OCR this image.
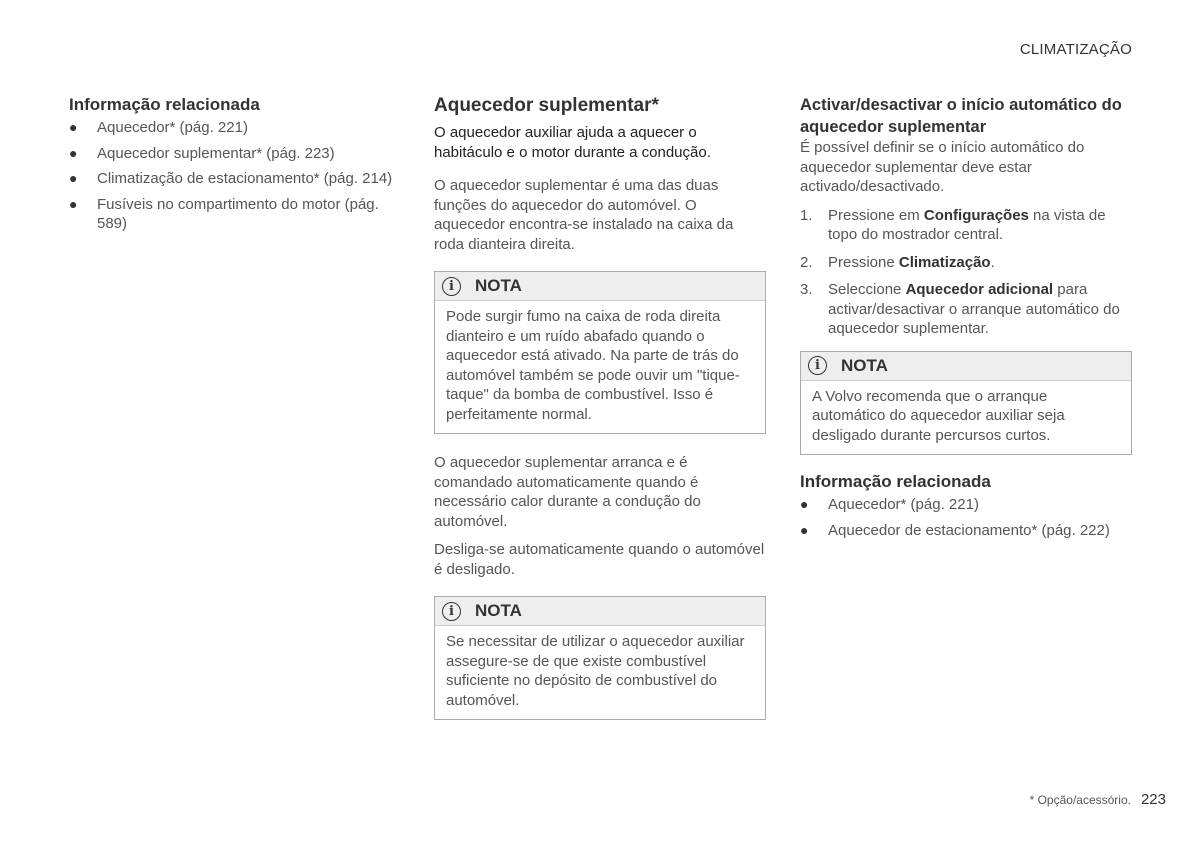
CLIMATIZAÇÃO
Informação relacionada
● Aquecedor* (pág. 221)
● Aquecedor suplementar* (pág. 223)
● Climatização de estacionamento* (pág. 214)
● Fusíveis no compartimento do motor (pág. 589)
Aquecedor suplementar*

O aquecedor auxiliar ajuda a aquecer o habitáculo e o motor durante a condução.

O aquecedor suplementar é uma das duas funções do aquecedor do automóvel. O aquecedor encontra-se instalado na caixa da roda dianteira direita.

i	NOTA
Pode surgir fumo na caixa de roda direita dianteiro e um ruído abafado quando o aquecedor está ativado. Na parte de trás do automóvel também se pode ouvir um "tique-taque" da bomba de combustível. Isso é perfeitamente normal.

O aquecedor suplementar arranca e é comandado automaticamente quando é necessário calor durante a condução do automóvel.

Desliga-se automaticamente quando o automóvel é desligado.

i	NOTA
Se necessitar de utilizar o aquecedor auxiliar assegure-se de que existe combustível suficiente no depósito de combustível do automóvel.
Activar/desactivar o início automático do aquecedor suplementar

É possível definir se o início automático do aquecedor suplementar deve estar activado/desactivado.

1. Pressione em Configurações na vista de topo do mostrador central.
2. Pressione Climatização.
3. Seleccione Aquecedor adicional para activar/desactivar o arranque automático do aquecedor suplementar.
i	NOTA
A Volvo recomenda que o arranque automático do aquecedor auxiliar seja desligado durante percursos curtos.
Informação relacionada
● Aquecedor* (pág. 221)
● Aquecedor de estacionamento* (pág. 222)
* Opção/acessório. 223
